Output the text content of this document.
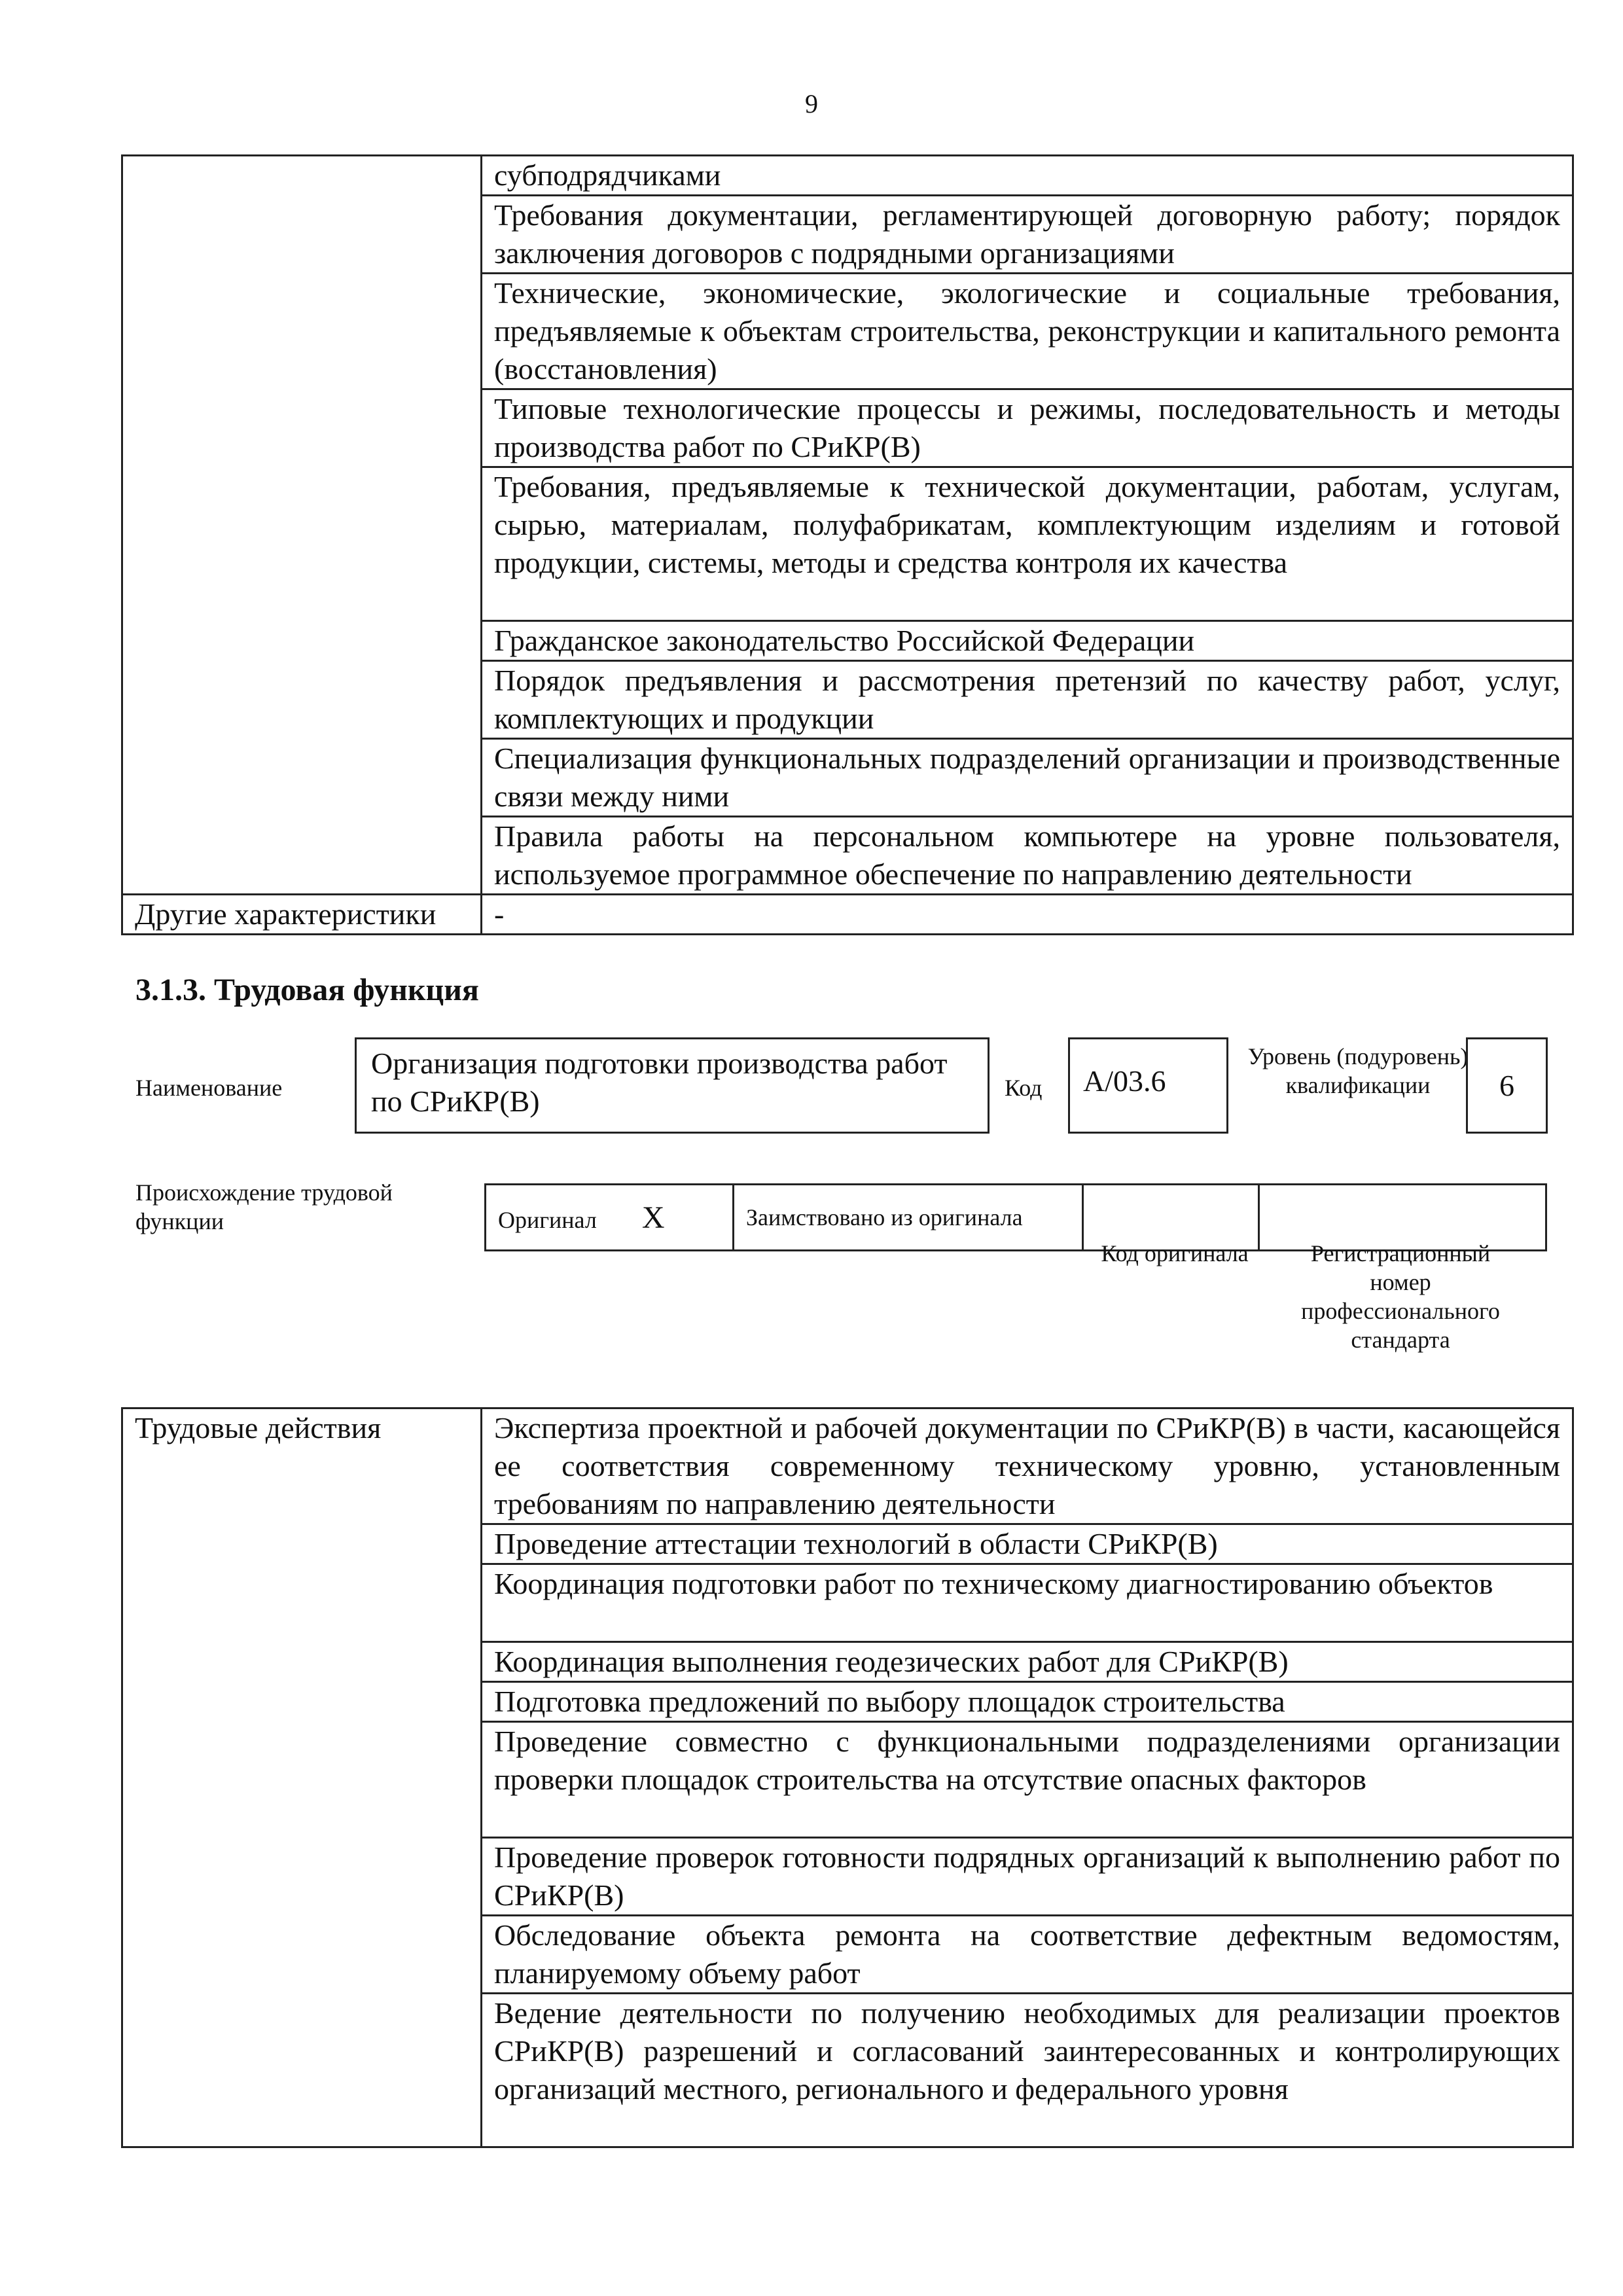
9
	субподрядчиками
	Требования документации, регламентирующей договорную работу; порядок заключения договоров с подрядными организациями
	Технические, экономические, экологические и социальные требования, предъявляемые к объектам строительства, реконструкции и капитального ремонта (восстановления)
	Типовые технологические процессы и режимы, последовательность и методы производства работ по СРиКР(В)
	Требования, предъявляемые к технической документации, работам, услугам, сырью, материалам, полуфабрикатам, комплектующим изделиям и готовой продукции, системы, методы и средства контроля их качества
	Гражданское законодательство Российской Федерации
	Порядок предъявления и рассмотрения претензий по качеству работ, услуг, комплектующих и продукции
	Специализация функциональных подразделений организации и производственные связи между ними
	Правила работы на персональном компьютере на уровне пользователя, используемое программное обеспечение по направлению деятельности
Другие характеристики	-
3.1.3. Трудовая функция
Наименование
Организация подготовки производства работ по СРиКР(В)	Код	A/03.6
Уровень (подуровень) квалификации	6
Происхождение трудовой функции	Оригинал X	Заимствовано из оригинала		
Код оригинала	Регистрационный номер профессионального стандарта
Трудовые действия	Экспертиза проектной и рабочей документации по СРиКР(В) в части, касающейся ее соответствия современному техническому уровню, установленным требованиям по направлению деятельности
Проведение аттестации технологий в области СРиКР(В)
Координация подготовки работ по техническому диагностированию объектов
Координация выполнения геодезических работ для СРиКР(В)
Подготовка предложений по выбору площадок строительства
Проведение совместно с функциональными подразделениями организации проверки площадок строительства на отсутствие опасных факторов
Проведение проверок готовности подрядных организаций к выполнению работ по СРиКР(В)
Обследование объекта ремонта на соответствие дефектным ведомостям, планируемому объему работ
Ведение деятельности по получению необходимых для реализации проектов СРиКР(В) разрешений и согласований заинтересованных и контролирующих организаций местного, регионального и федерального уровня
